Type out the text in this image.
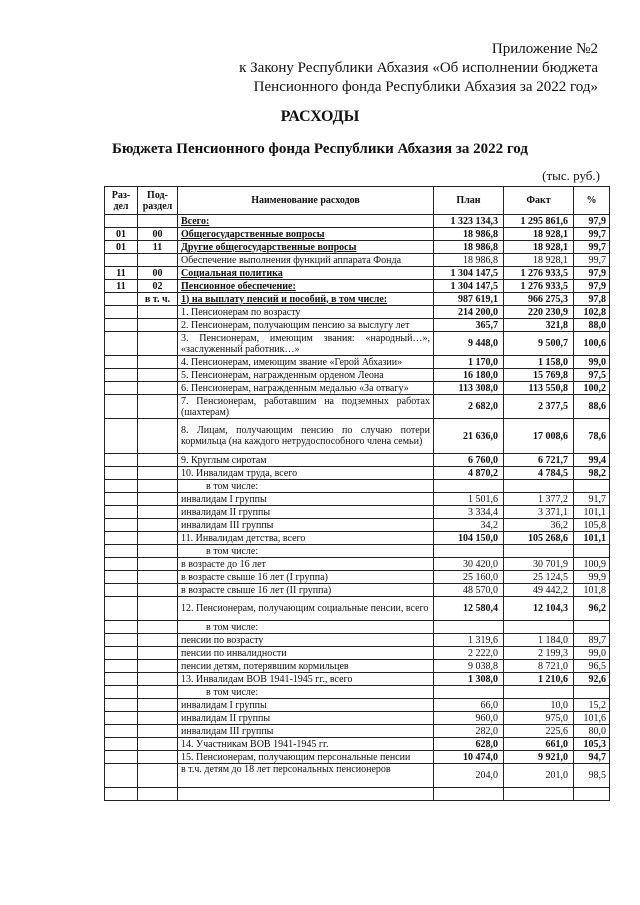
Приложение №2
к Закону Республики Абхазия «Об исполнении бюджета
Пенсионного фонда Республики Абхазия за 2022 год»
РАСХОДЫ
Бюджета Пенсионного фонда Республики Абхазия за 2022 год
(тыс. руб.)
Раз-дел	Под-раздел	Наименование расходов	План	Факт	%
		Всего:	1 323 134,3	1 295 861,6	97,9
01	00	Общегосударственные вопросы	18 986,8	18 928,1	99,7
01	11	Другие общегосударственные вопросы	18 986,8	18 928,1	99,7
		Обеспечение выполнения функций аппарата Фонда	18 986,8	18 928,1	99,7
11	00	Социальная политика	1 304 147,5	1 276 933,5	97,9
11	02	Пенсионное обеспечение:	1 304 147,5	1 276 933,5	97,9
	в т. ч.	1) на выплату пенсий и пособий, в том числе:	987 619,1	966 275,3	97,8
		1. Пенсионерам по возрасту	214 200,0	220 230,9	102,8
		2. Пенсионерам, получающим пенсию за выслугу лет	365,7	321,8	88,0
		3. Пенсионерам, имеющим звания: «народный…», «заслуженный работник…»	9 448,0	9 500,7	100,6
		4. Пенсионерам, имеющим звание «Герой Абхазии»	1 170,0	1 158,0	99,0
		5. Пенсионерам, награжденным орденом Леона	16 180,0	15 769,8	97,5
		6. Пенсионерам, награжденным медалью «За отвагу»	113 308,0	113 550,8	100,2
		7. Пенсионерам, работавшим на подземных работах (шахтерам)	2 682,0	2 377,5	88,6
		8. Лицам, получающим пенсию по случаю потери кормильца (на каждого нетрудоспособного члена семьи)	21 636,0	17 008,6	78,6
		9. Круглым сиротам	6 760,0	6 721,7	99,4
		10. Инвалидам труда, всего	4 870,2	4 784,5	98,2
		в том числе:			
		инвалидам I группы	1 501,6	1 377,2	91,7
		инвалидам II группы	3 334,4	3 371,1	101,1
		инвалидам III группы	34,2	36,2	105,8
		11. Инвалидам детства, всего	104 150,0	105 268,6	101,1
		в том числе:			
		в возрасте до 16 лет	30 420,0	30 701,9	100,9
		в возрасте свыше 16 лет (I группа)	25 160,0	25 124,5	99,9
		в возрасте свыше 16 лет (II группа)	48 570,0	49 442,2	101,8
		12. Пенсионерам, получающим социальные пенсии, всего	12 580,4	12 104,3	96,2
		в том числе:			
		пенсии по возрасту	1 319,6	1 184,0	89,7
		пенсии по инвалидности	2 222,0	2 199,3	99,0
		пенсии детям, потерявшим кормильцев	9 038,8	8 721,0	96,5
		13. Инвалидам ВОВ 1941-1945 гг., всего	1 308,0	1 210,6	92,6
		в том числе:			
		инвалидам I группы	66,0	10,0	15,2
		инвалидам II группы	960,0	975,0	101,6
		инвалидам III группы	282,0	225,6	80,0
		14. Участникам ВОВ 1941-1945 гг.	628,0	661,0	105,3
		15. Пенсионерам, получающим персональные пенсии	10 474,0	9 921,0	94,7
		в т.ч. детям до 18 лет персональных пенсионеров	204,0	201,0	98,5
